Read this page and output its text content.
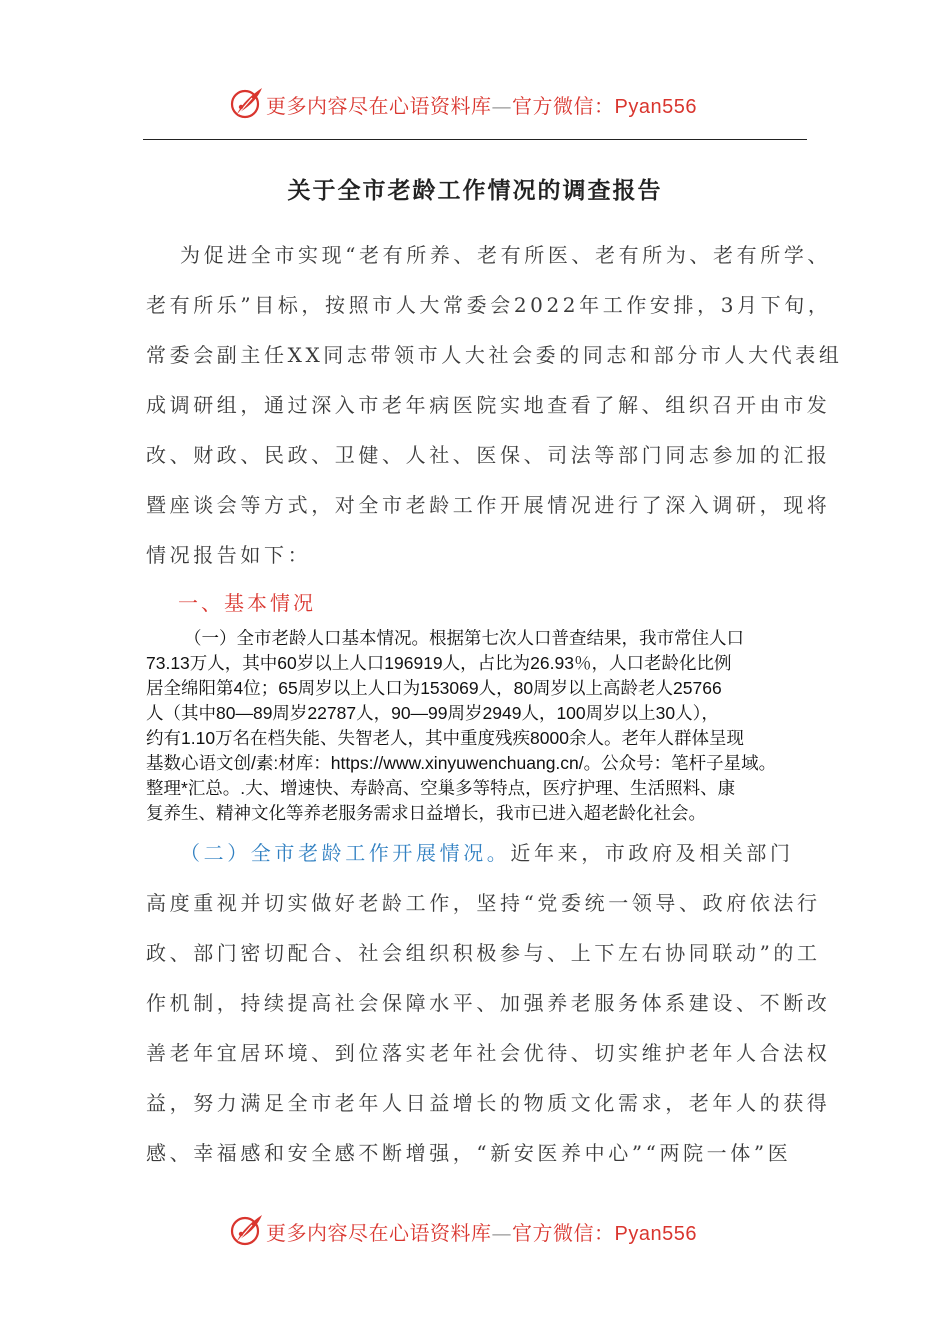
更多内容尽在心语资料库—官方微信：Pyan556
关于全市老龄工作情况的调查报告
为促进全市实现“老有所养、老有所医、老有所为、老有所学、
老有所乐”目标，按照市人大常委会2022年工作安排，3月下旬，
常委会副主任XX同志带领市人大社会委的同志和部分市人大代表组
成调研组，通过深入市老年病医院实地查看了解、组织召开由市发
改、财政、民政、卫健、人社、医保、司法等部门同志参加的汇报
暨座谈会等方式，对全市老龄工作开展情况进行了深入调研，现将
情况报告如下：
一、基本情况
（一）全市老龄人口基本情况。根据第七次人口普查结果，我市常住人口
73.13万人，其中60岁以上人口196919人，占比为26.93％，人口老龄化比例
居全绵阳第4位；65周岁以上人口为153069人，80周岁以上高龄老人25766
人（其中80—89周岁22787人，90—99周岁2949人，100周岁以上30人），
约有1.10万名在档失能、失智老人，其中重度残疾8000余人。老年人群体呈现
基数心语文创/素:材库：https://www.xinyuwenchuang.cn/。公众号：笔杆子星域。
整理*汇总。.大、增速快、寿龄高、空巢多等特点，医疗护理、生活照料、康
复养生、精神文化等养老服务需求日益增长，我市已进入超老龄化社会。
（二）全市老龄工作开展情况。近年来，市政府及相关部门
高度重视并切实做好老龄工作，坚持“党委统一领导、政府依法行
政、部门密切配合、社会组织积极参与、上下左右协同联动”的工
作机制，持续提高社会保障水平、加强养老服务体系建设、不断改
善老年宜居环境、到位落实老年社会优待、切实维护老年人合法权
益，努力满足全市老年人日益增长的物质文化需求，老年人的获得
感、幸福感和安全感不断增强，“新安医养中心”“两院一体”医
更多内容尽在心语资料库—官方微信：Pyan556
